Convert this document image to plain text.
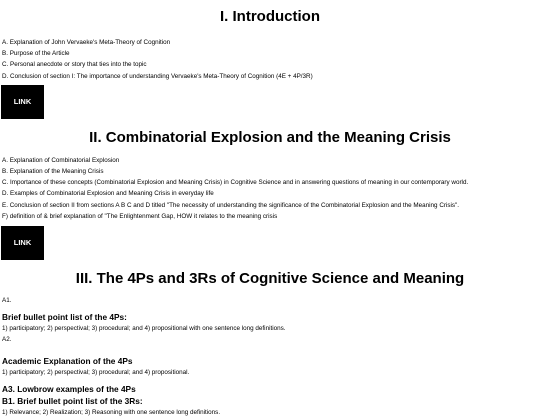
I. Introduction
A. Explanation of John Vervaeke's Meta-Theory of Cognition
B. Purpose of the Article
C. Personal anecdote or story that ties into the topic
D. Conclusion of section I: The importance of understanding Vervaeke's Meta-Theory of Cognition (4E + 4P/3R)
LINK
II. Combinatorial Explosion and the Meaning Crisis
A. Explanation of Combinatorial Explosion
B. Explanation of the Meaning Crisis
C. Importance of these concepts (Combinatorial Explosion and Meaning Crisis) in Cognitive Science and in answering questions of meaning in our contemporary world.
D. Examples of Combinatorial Explosion and Meaning Crisis in everyday life
E. Conclusion of section II from sections A B C and D titled "The necessity of understanding the significance of the Combinatorial Explosion and the Meaning Crisis".
F) definition of & brief explanation of "The Enlightenment Gap, HOW it relates to the meaning crisis
LINK
III. The 4Ps and 3Rs of Cognitive Science and Meaning
A1.
Brief bullet point list of the 4Ps:
1) participatory; 2) perspectival; 3) procedural; and 4) propositional with one sentence long definitions.
A2.
Academic Explanation of the 4Ps
1) participatory; 2) perspectival; 3) procedural; and 4) propositional.
A3. Lowbrow examples of the 4Ps
B1. Brief bullet point list of the 3Rs:
1) Relevance; 2) Realization; 3) Reasoning with one sentence long definitions.
